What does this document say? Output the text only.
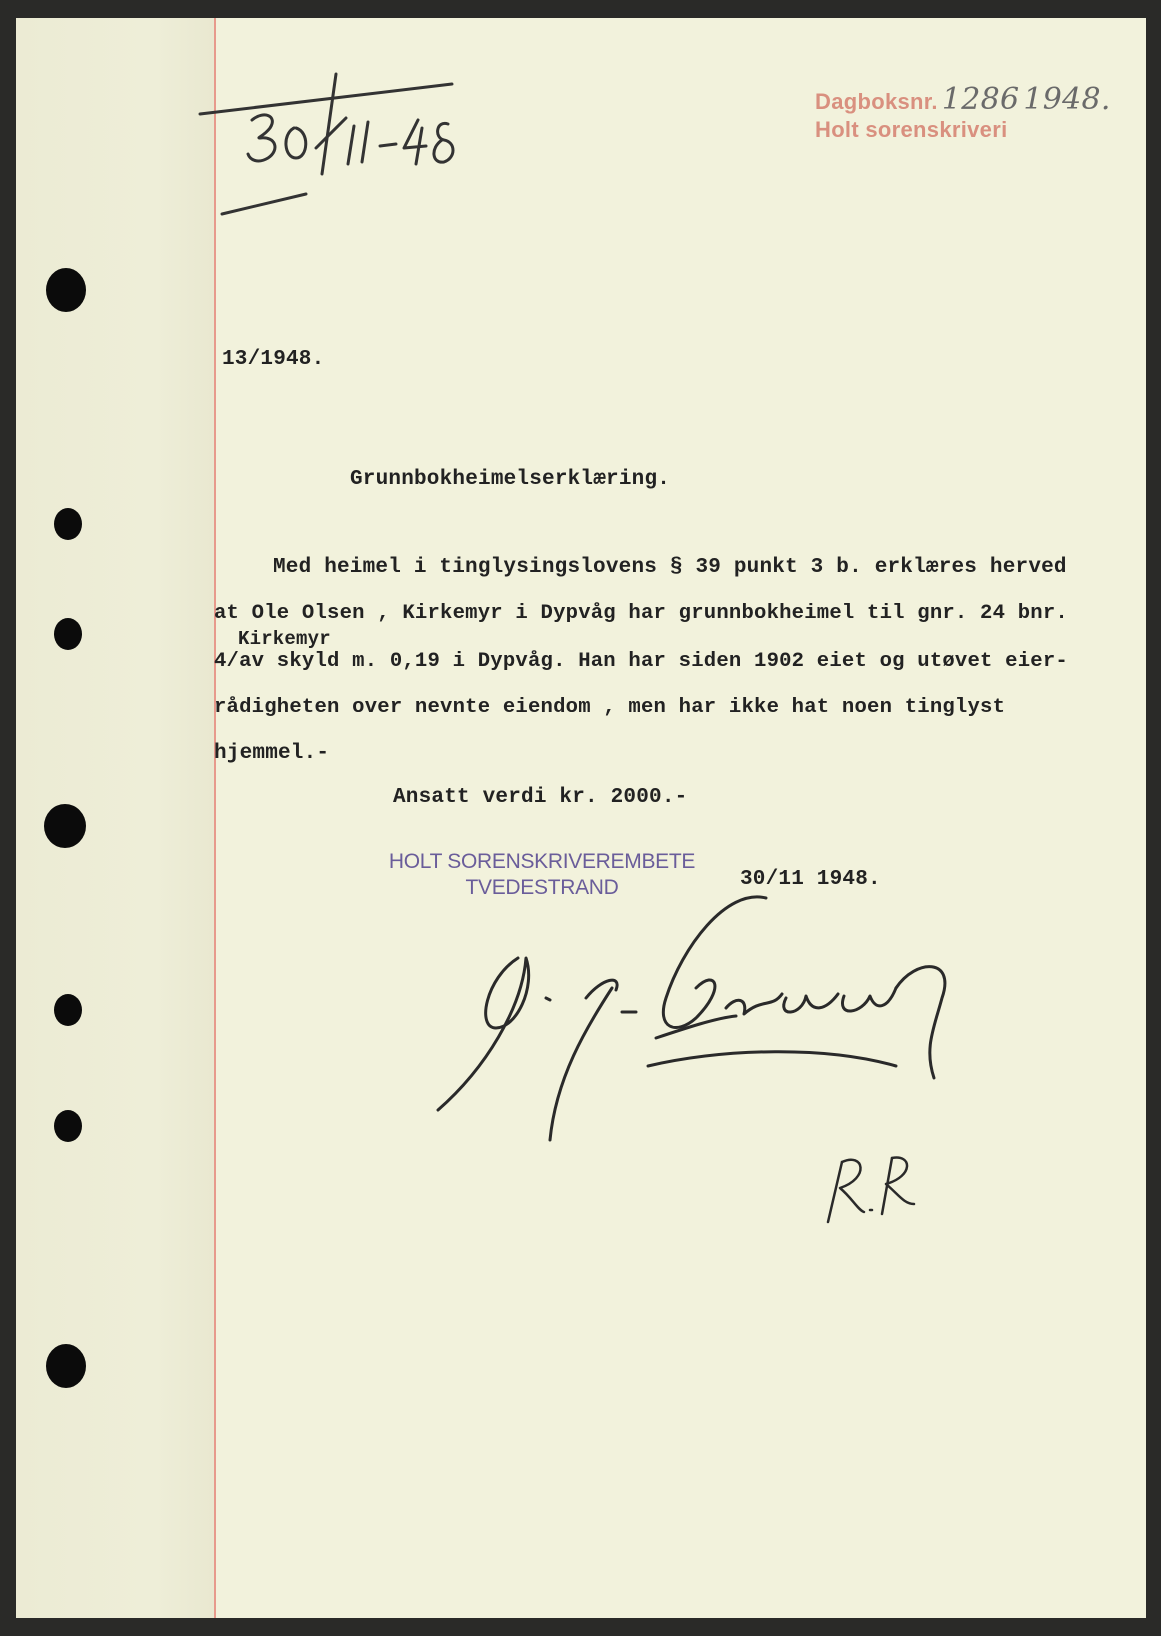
Dagboksnr. 1286 1948.
Holt sorenskriveri
13/1948.
Grunnbokheimelserklæring.
Med heimel i tinglysingslovens § 39 punkt 3 b. erklæres herved
at Ole Olsen , Kirkemyr i Dypvåg har grunnbokheimel til gnr. 24 bnr.
Kirkemyr
4/av skyld m. 0,19 i Dypvåg. Han har siden 1902 eiet og utøvet eier-
rådigheten over nevnte eiendom , men har ikke hat noen tinglyst
hjemmel.-
Ansatt verdi kr. 2000.-
HOLT SORENSKRIVEREMBETE
TVEDESTRAND	30/11 1948.
